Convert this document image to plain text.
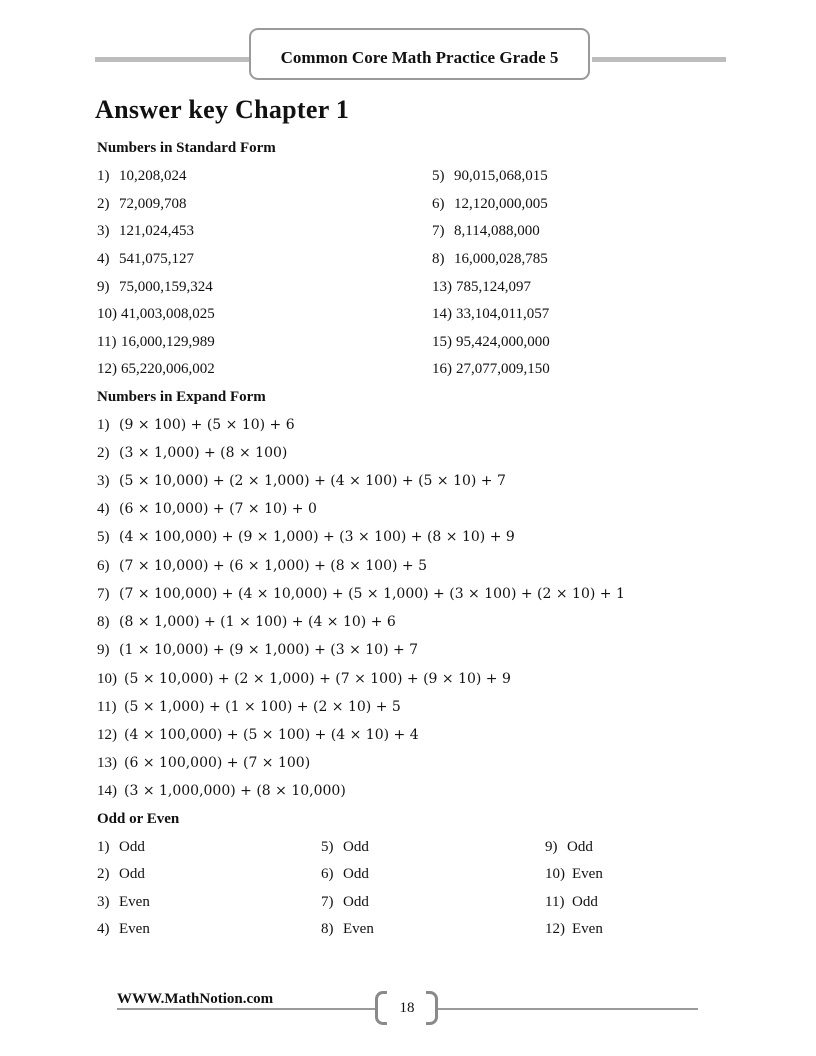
Common Core Math Practice Grade 5
Answer key Chapter 1
Numbers in Standard Form
1) 10,208,024
2) 72,009,708
3) 121,024,453
4) 541,075,127
5) 90,015,068,015
6) 12,120,000,005
7) 8,114,088,000
8) 16,000,028,785
9) 75,000,159,324
10) 41,003,008,025
11) 16,000,129,989
12) 65,220,006,002
13) 785,124,097
14) 33,104,011,057
15) 95,424,000,000
16) 27,077,009,150
Numbers in Expand Form
1) (9 × 100) + (5 × 10) + 6
2) (3 × 1,000) + (8 × 100)
3) (5 × 10,000) + (2 × 1,000) + (4 × 100) + (5 × 10) + 7
4) (6 × 10,000) + (7 × 10) + 0
5) (4 × 100,000) + (9 × 1,000) + (3 × 100) + (8 × 10) + 9
6) (7 × 10,000) + (6 × 1,000) + (8 × 100) + 5
7) (7 × 100,000) + (4 × 10,000) + (5 × 1,000) + (3 × 100) + (2 × 10) + 1
8) (8 × 1,000) + (1 × 100) + (4 × 10) + 6
9) (1 × 10,000) + (9 × 1,000) + (3 × 10) + 7
10) (5 × 10,000) + (2 × 1,000) + (7 × 100) + (9 × 10) + 9
11) (5 × 1,000) + (1 × 100) + (2 × 10) + 5
12) (4 × 100,000) + (5 × 100) + (4 × 10) + 4
13) (6 × 100,000) + (7 × 100)
14) (3 × 1,000,000) + (8 × 10,000)
Odd or Even
1) Odd
2) Odd
3) Even
4) Even
5) Odd
6) Odd
7) Odd
8) Even
9) Odd
10) Even
11) Odd
12) Even
WWW.MathNotion.com
18
